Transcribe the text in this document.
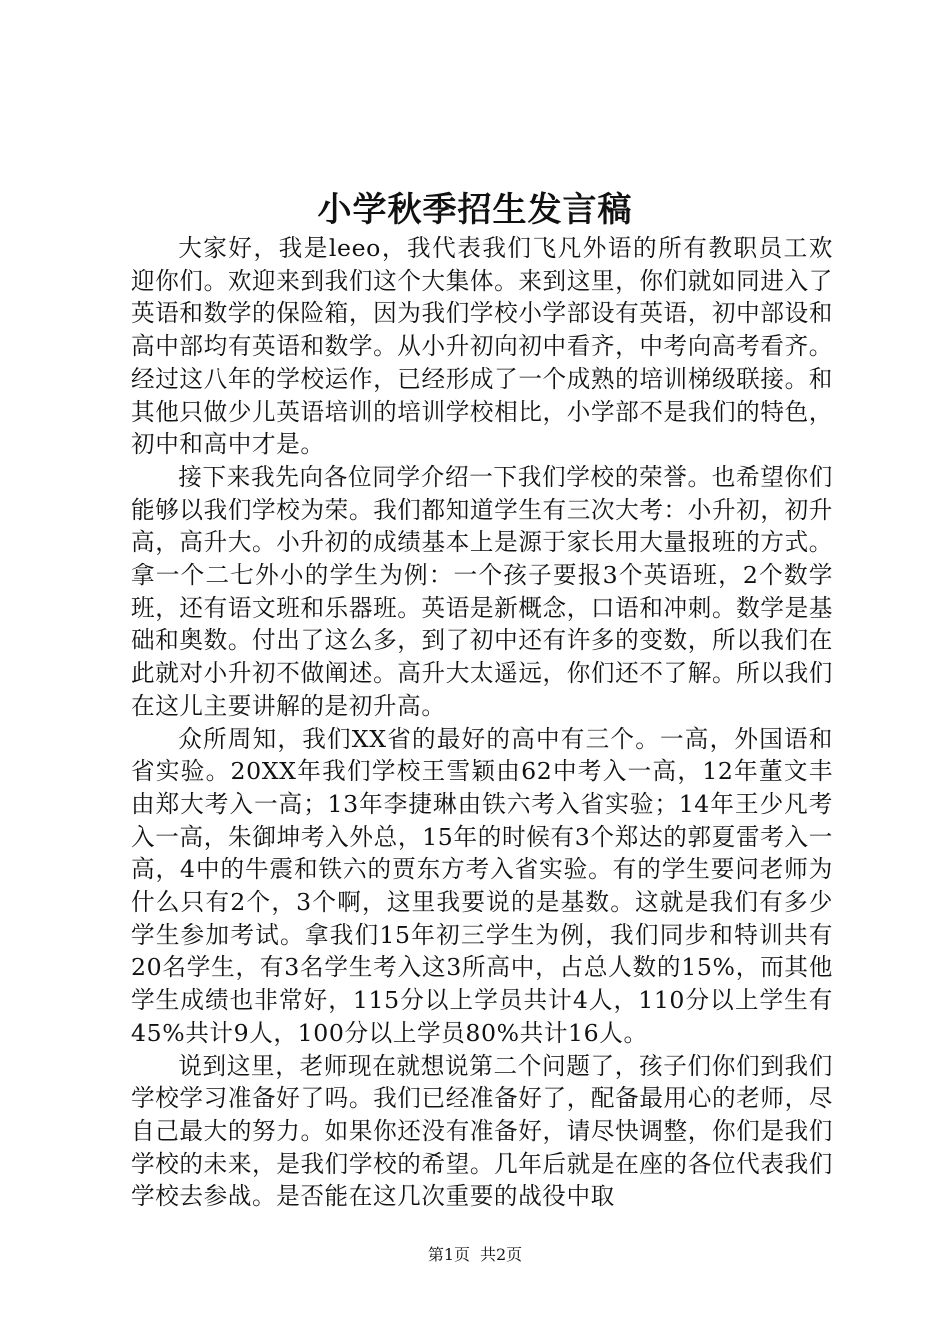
小学秋季招生发言稿

大家好，我是leeo，我代表我们飞凡外语的所有教职员工欢迎你们。欢迎来到我们这个大集体。来到这里，你们就如同进入了英语和数学的保险箱，因为我们学校小学部设有英语，初中部设和高中部均有英语和数学。从小升初向初中看齐，中考向高考看齐。经过这八年的学校运作，已经形成了一个成熟的培训梯级联接。和其他只做少儿英语培训的培训学校相比，小学部不是我们的特色，初中和高中才是。

接下来我先向各位同学介绍一下我们学校的荣誉。也希望你们能够以我们学校为荣。我们都知道学生有三次大考：小升初，初升高，高升大。小升初的成绩基本上是源于家长用大量报班的方式。拿一个二七外小的学生为例：一个孩子要报3个英语班，2个数学班，还有语文班和乐器班。英语是新概念，口语和冲刺。数学是基础和奥数。付出了这么多，到了初中还有许多的变数，所以我们在此就对小升初不做阐述。高升大太遥远，你们还不了解。所以我们在这儿主要讲解的是初升高。

众所周知，我们XX省的最好的高中有三个。一高，外国语和省实验。20XX年我们学校王雪颖由62中考入一高，12年董文丰由郑大考入一高；13年李捷琳由铁六考入省实验；14年王少凡考入一高，朱御坤考入外总，15年的时候有3个郑达的郭夏雷考入一高，4中的牛震和铁六的贾东方考入省实验。有的学生要问老师为什么只有2个，3个啊，这里我要说的是基数。这就是我们有多少学生参加考试。拿我们15年初三学生为例，我们同步和特训共有20名学生，有3名学生考入这3所高中，占总人数的15%，而其他学生成绩也非常好，115分以上学员共计4人，110分以上学生有45%共计9人，100分以上学员80%共计16人。

说到这里，老师现在就想说第二个问题了，孩子们你们到我们学校学习准备好了吗。我们已经准备好了，配备最用心的老师，尽自己最大的努力。如果你还没有准备好，请尽快调整，你们是我们学校的未来，是我们学校的希望。几年后就是在座的各位代表我们学校去参战。是否能在这几次重要的战役中取

第1页 共2页
